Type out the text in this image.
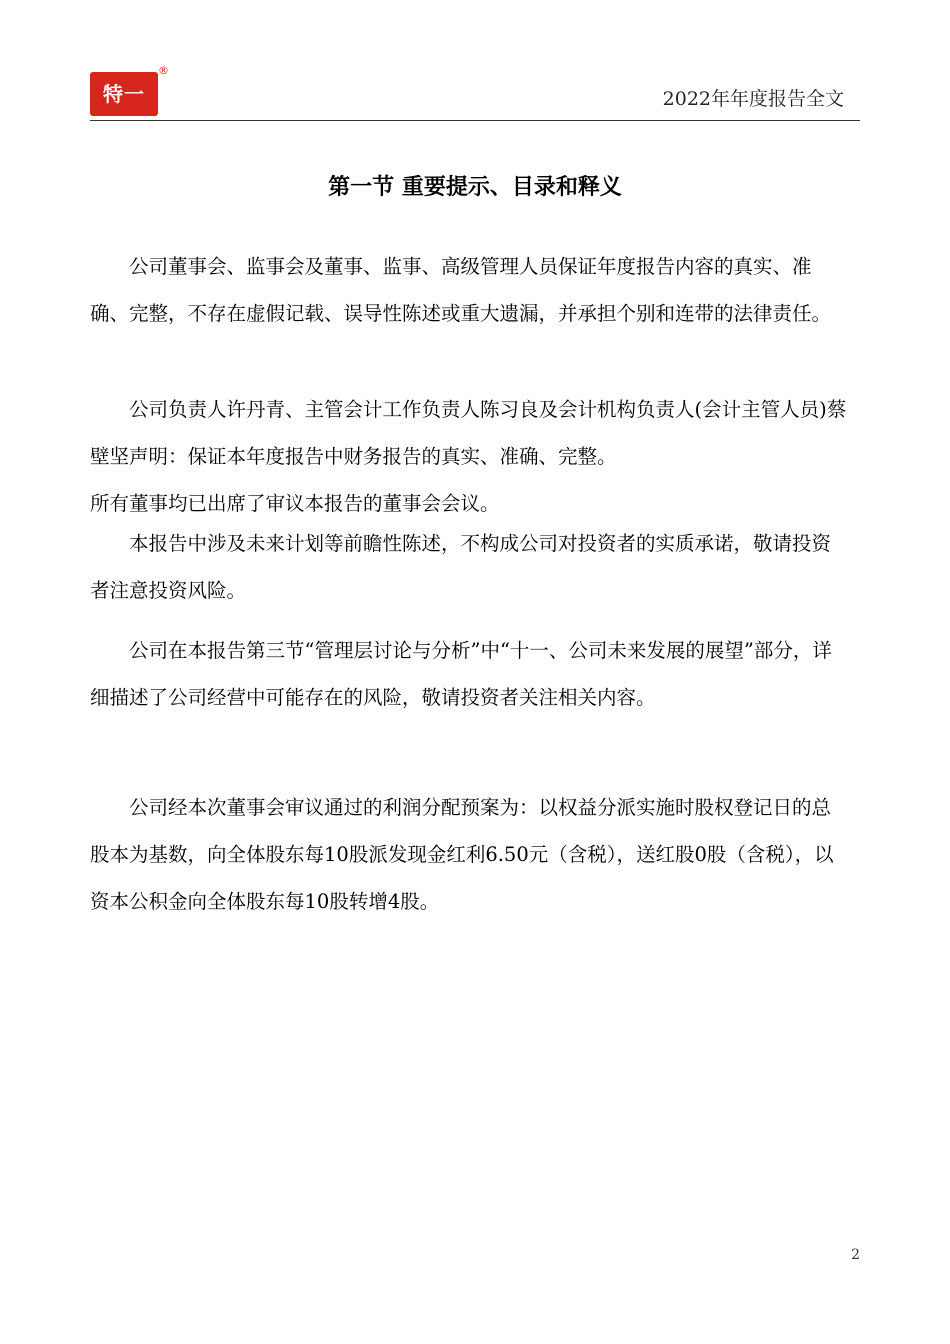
特一
®
2022年年度报告全文
第一节 重要提示、目录和释义

公司董事会、监事会及董事、监事、高级管理人员保证年度报告内容的真实、准确、完整，不存在虚假记载、误导性陈述或重大遗漏，并承担个别和连带的法律责任。

公司负责人许丹青、主管会计工作负责人陈习良及会计机构负责人(会计主管人员)蔡壁坚声明：保证本年度报告中财务报告的真实、准确、完整。

所有董事均已出席了审议本报告的董事会会议。

本报告中涉及未来计划等前瞻性陈述，不构成公司对投资者的实质承诺，敬请投资者注意投资风险。

公司在本报告第三节“管理层讨论与分析”中“十一、公司未来发展的展望”部分，详细描述了公司经营中可能存在的风险，敬请投资者关注相关内容。

公司经本次董事会审议通过的利润分配预案为：以权益分派实施时股权登记日的总股本为基数，向全体股东每10股派发现金红利6.50元（含税），送红股0股（含税），以资本公积金向全体股东每10股转增4股。

2
